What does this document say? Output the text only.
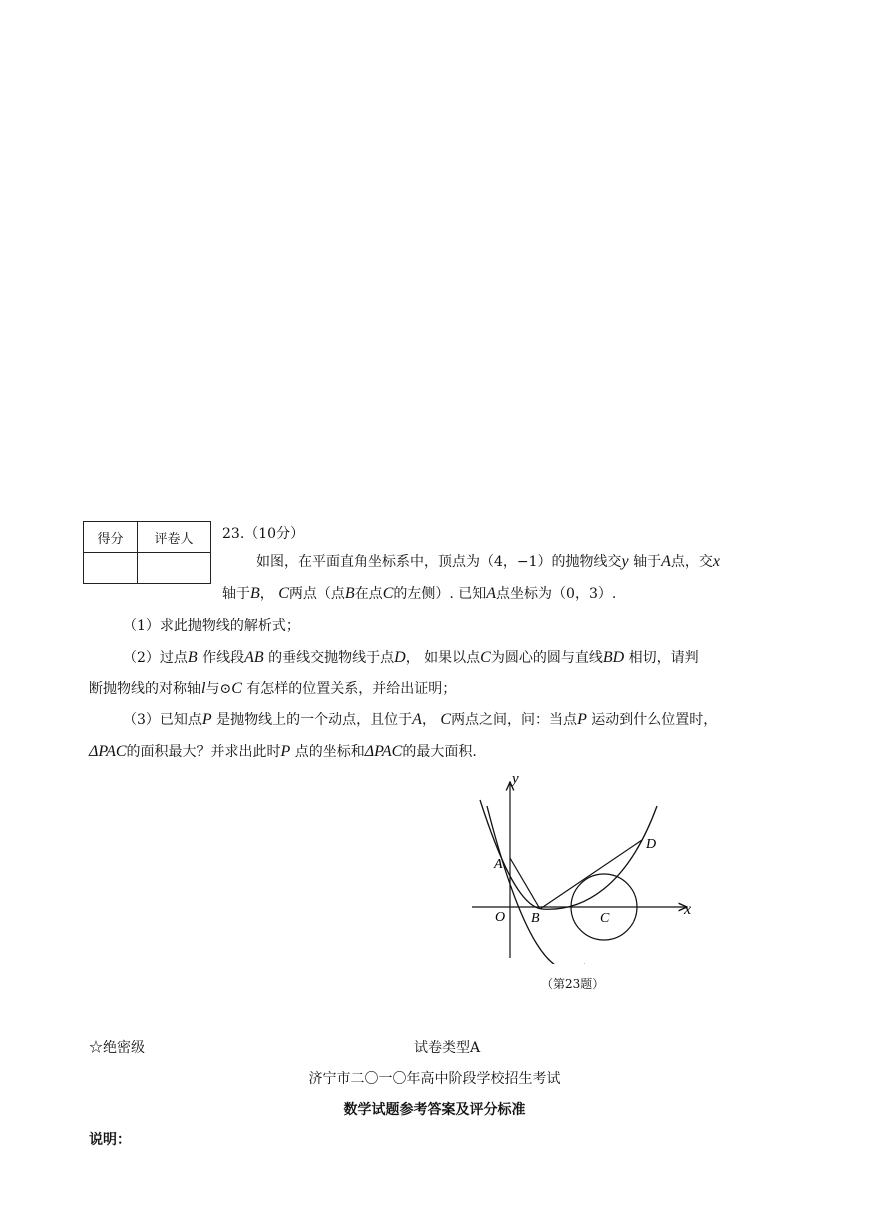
得分	评卷人
	23.（10分）
如图，在平面直角坐标系中，顶点为（4，−1）的抛物线交y 轴于A点，交x
轴于B， C两点（点B在点C的左侧）. 已知A点坐标为（0，3）.
（1）求此抛物线的解析式；
（2）过点B 作线段AB 的垂线交抛物线于点D， 如果以点C为圆心的圆与直线BD 相切，请判
断抛物线的对称轴l与⊙C 有怎样的位置关系，并给出证明；
（3）已知点P 是抛物线上的一个动点，且位于A， C两点之间，问：当点P 运动到什么位置时，
ΔPAC的面积最大？并求出此时P 点的坐标和ΔPAC的最大面积.
y
x
A
O B	C
D
（第23题）
☆绝密级	试卷类型A
济宁市二〇一〇年高中阶段学校招生考试
数学试题参考答案及评分标准
说明：
